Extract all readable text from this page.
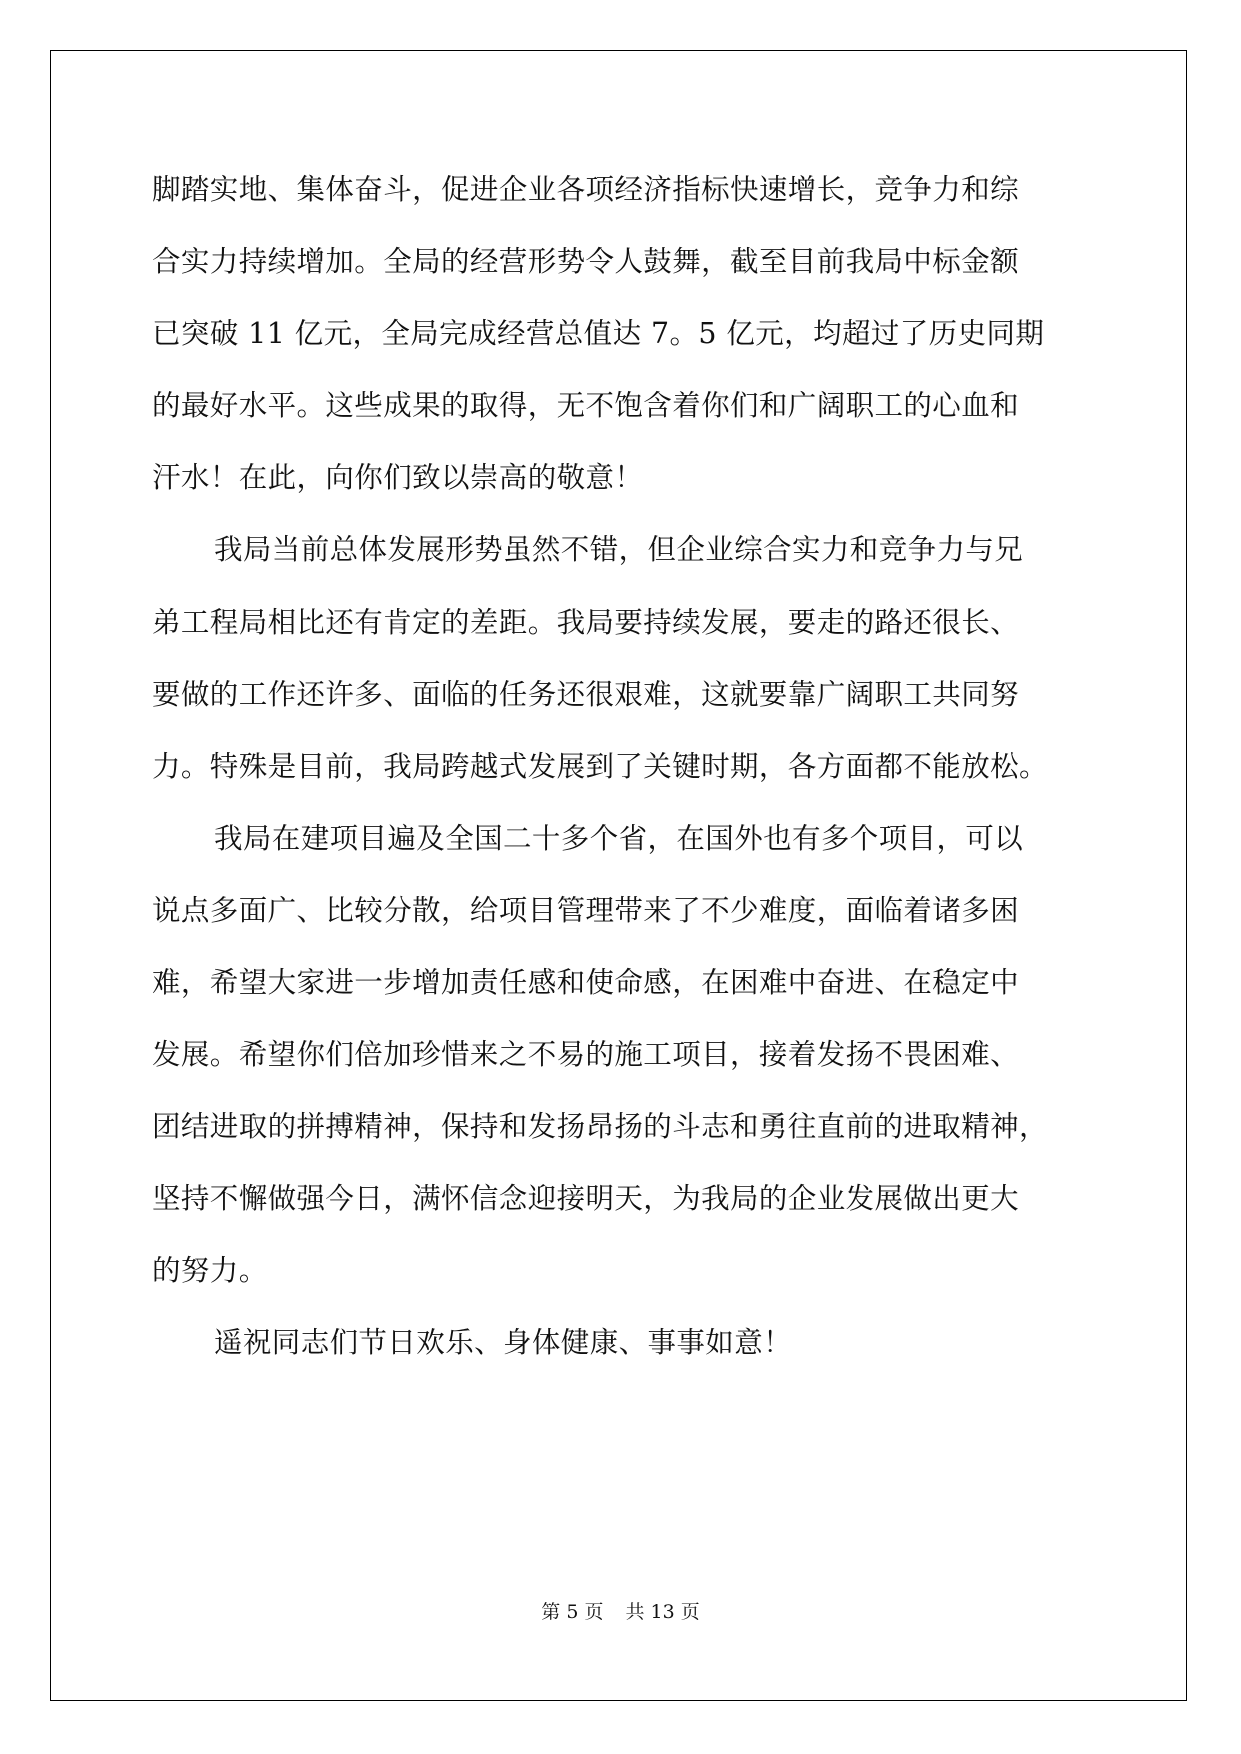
脚踏实地、集体奋斗，促进企业各项经济指标快速增长，竞争力和综
合实力持续增加。全局的经营形势令人鼓舞，截至目前我局中标金额
已突破 11 亿元，全局完成经营总值达 7。5 亿元，均超过了历史同期
的最好水平。这些成果的取得，无不饱含着你们和广阔职工的心血和
汗水！在此，向你们致以崇高的敬意！
我局当前总体发展形势虽然不错，但企业综合实力和竞争力与兄
弟工程局相比还有肯定的差距。我局要持续发展，要走的路还很长、
要做的工作还许多、面临的任务还很艰难，这就要靠广阔职工共同努
力。特殊是目前，我局跨越式发展到了关键时期，各方面都不能放松。
我局在建项目遍及全国二十多个省，在国外也有多个项目，可以
说点多面广、比较分散，给项目管理带来了不少难度，面临着诸多困
难，希望大家进一步增加责任感和使命感，在困难中奋进、在稳定中
发展。希望你们倍加珍惜来之不易的施工项目，接着发扬不畏困难、
团结进取的拼搏精神，保持和发扬昂扬的斗志和勇往直前的进取精神，
坚持不懈做强今日，满怀信念迎接明天，为我局的企业发展做出更大
的努力。
遥祝同志们节日欢乐、身体健康、事事如意！
第 5 页 共 13 页
